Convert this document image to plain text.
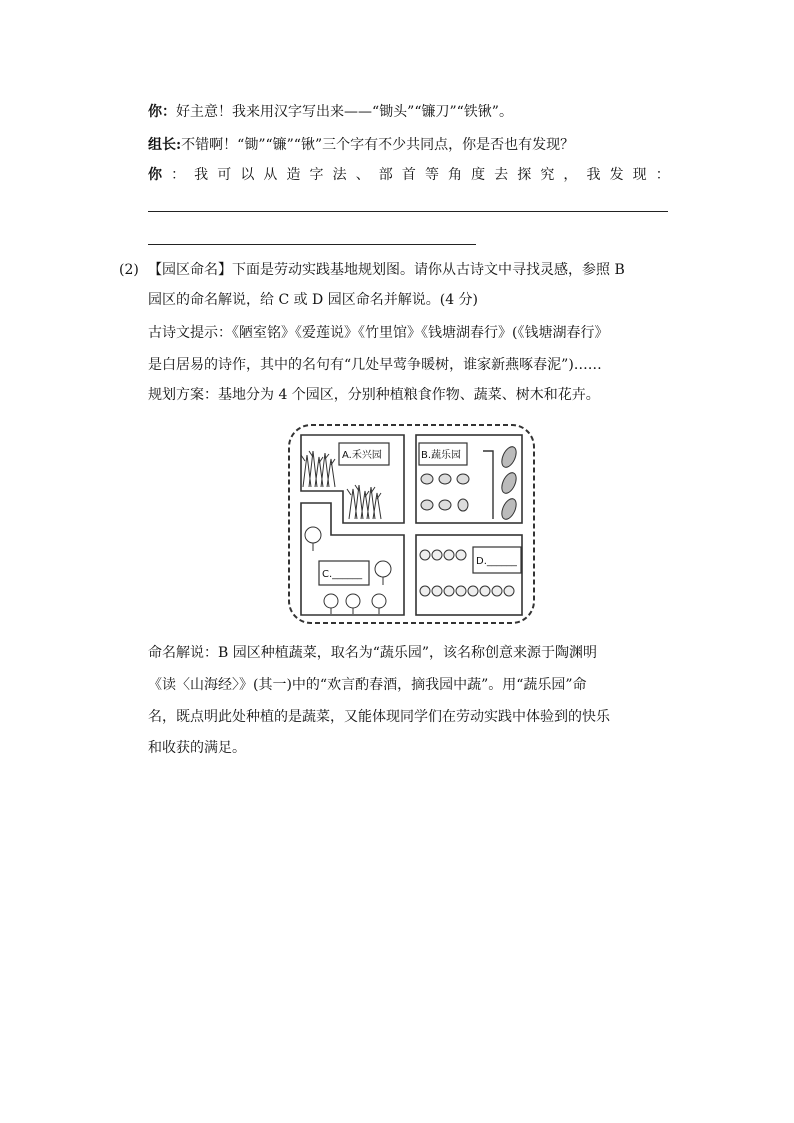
你：好主意！我来用汉字写出来——“锄头”“镰刀”“铁锹”。
组长:不错啊！“锄”“镰”“锹”三个字有不少共同点，你是否也有发现？
你 ： 我 可 以 从 造 字 法 、 部 首 等 角 度 去 探 究 ， 我 发 现 ：
(2) 【园区命名】下面是劳动实践基地规划图。请你从古诗文中寻找灵感，参照 B
园区的命名解说，给 C 或 D 园区命名并解说。(4 分)
古诗文提示：《陋室铭》《爱莲说》《竹里馆》《钱塘湖春行》(《钱塘湖春行》
是白居易的诗作，其中的名句有“几处早莺争暖树，谁家新燕啄春泥”)……
规划方案：基地分为 4 个园区，分别种植粮食作物、蔬菜、树木和花卉。
A.禾兴园	B.蔬乐园
C.______
D.______
命名解说：B 园区种植蔬菜，取名为“蔬乐园”，该名称创意来源于陶渊明
《读〈山海经〉》(其一)中的“欢言酌春酒，摘我园中蔬”。用“蔬乐园”命
名，既点明此处种植的是蔬菜，又能体现同学们在劳动实践中体验到的快乐
和收获的满足。
